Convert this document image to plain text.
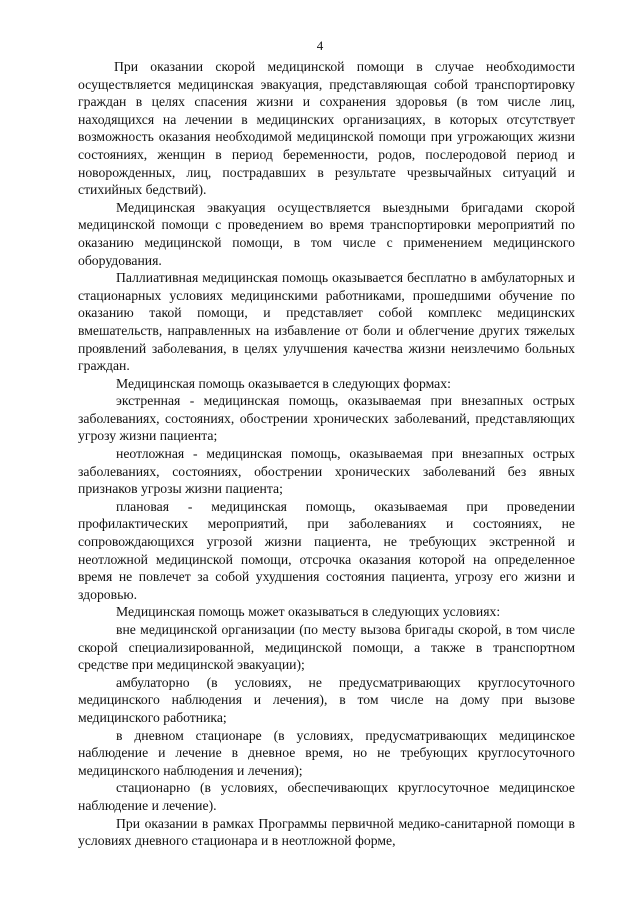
4

При оказании скорой медицинской помощи в случае необходимости осуществляется медицинская эвакуация, представляющая собой транспортировку граждан в целях спасения жизни и сохранения здоровья (в том числе лиц, находящихся на лечении в медицинских организациях, в которых отсутствует возможность оказания необходимой медицинской помощи при угрожающих жизни состояниях, женщин в период беременности, родов, послеродовой период и новорожденных, лиц, пострадавших в результате чрезвычайных ситуаций и стихийных бедствий).

Медицинская эвакуация осуществляется выездными бригадами скорой медицинской помощи с проведением во время транспортировки мероприятий по оказанию медицинской помощи, в том числе с применением медицинского оборудования.

Паллиативная медицинская помощь оказывается бесплатно в амбулаторных и стационарных условиях медицинскими работниками, прошедшими обучение по оказанию такой помощи, и представляет собой комплекс медицинских вмешательств, направленных на избавление от боли и облегчение других тяжелых проявлений заболевания, в целях улучшения качества жизни неизлечимо больных граждан.

Медицинская помощь оказывается в следующих формах:

экстренная - медицинская помощь, оказываемая при внезапных острых заболеваниях, состояниях, обострении хронических заболеваний, представляющих угрозу жизни пациента;

неотложная - медицинская помощь, оказываемая при внезапных острых заболеваниях, состояниях, обострении хронических заболеваний без явных признаков угрозы жизни пациента;

плановая - медицинская помощь, оказываемая при проведении профилактических мероприятий, при заболеваниях и состояниях, не сопровождающихся угрозой жизни пациента, не требующих экстренной и неотложной медицинской помощи, отсрочка оказания которой на определенное время не повлечет за собой ухудшения состояния пациента, угрозу его жизни и здоровью.

Медицинская помощь может оказываться в следующих условиях:

вне медицинской организации (по месту вызова бригады скорой, в том числе скорой специализированной, медицинской помощи, а также в транспортном средстве при медицинской эвакуации);

амбулаторно (в условиях, не предусматривающих круглосуточного медицинского наблюдения и лечения), в том числе на дому при вызове медицинского работника;

в дневном стационаре (в условиях, предусматривающих медицинское наблюдение и лечение в дневное время, но не требующих круглосуточного медицинского наблюдения и лечения);

стационарно (в условиях, обеспечивающих круглосуточное медицинское наблюдение и лечение).

При оказании в рамках Программы первичной медико-санитарной помощи в условиях дневного стационара и в неотложной форме,
